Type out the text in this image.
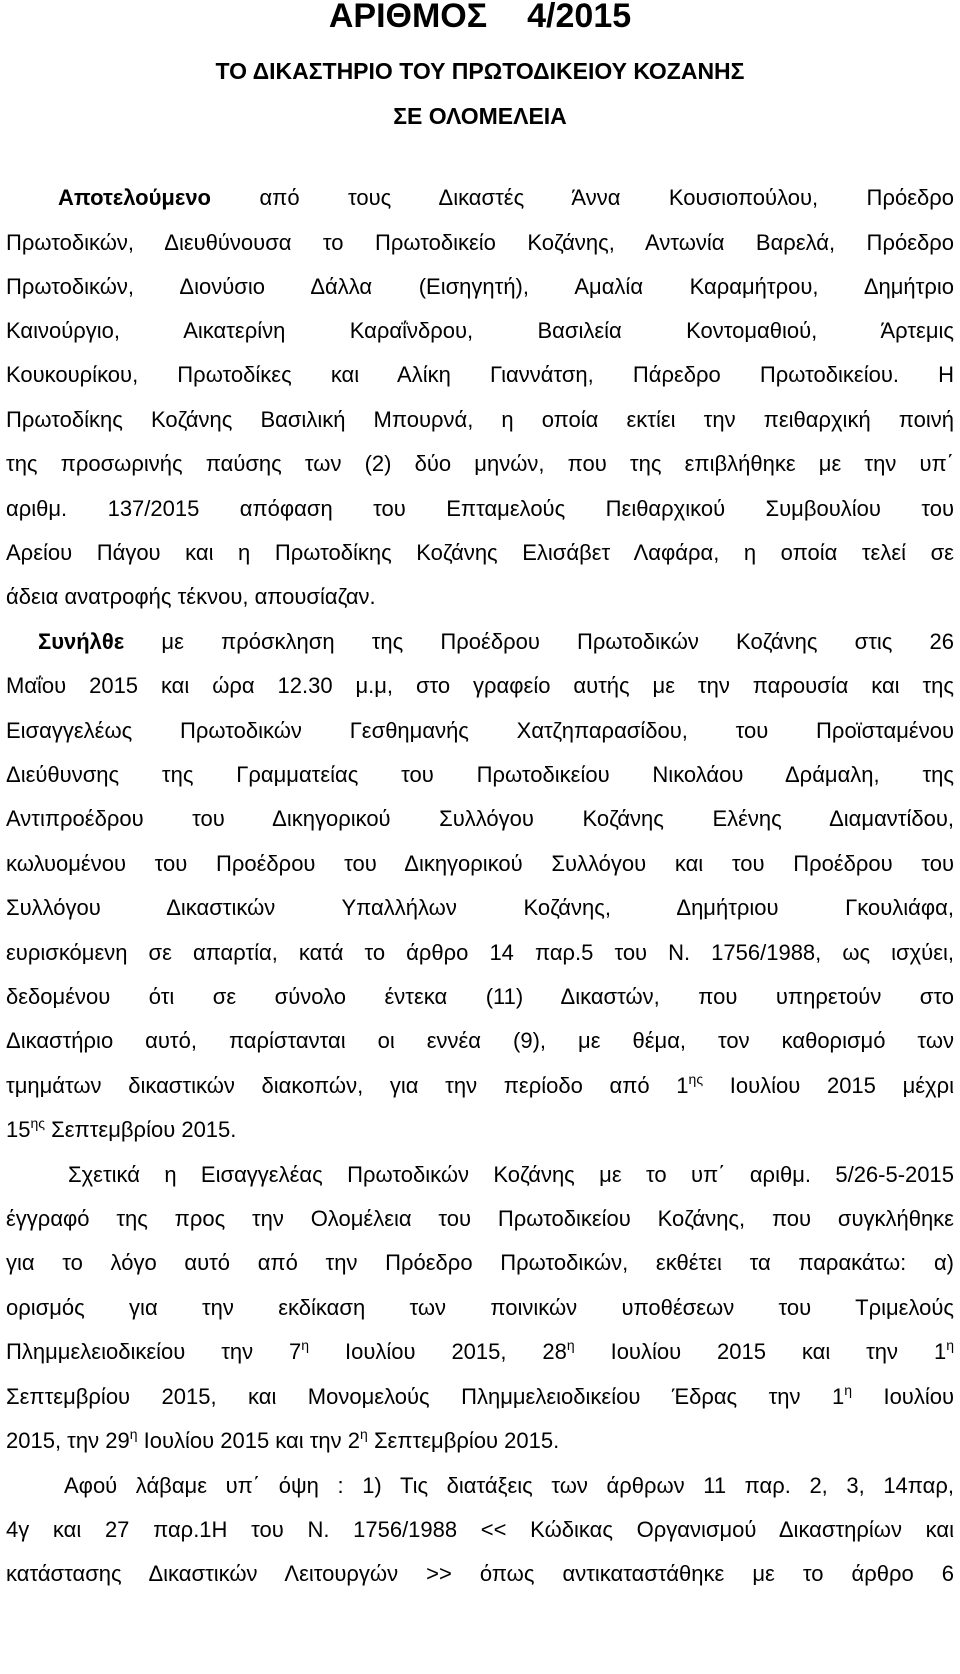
ΑΡΙΘΜΟΣ 4/2015
ΤΟ ΔΙΚΑΣΤΗΡΙΟ ΤΟΥ ΠΡΩΤΟΔΙΚΕΙΟΥ ΚΟΖΑΝΗΣ
ΣΕ ΟΛΟΜΕΛΕΙΑ
Αποτελούμενο από τους Δικαστές Άννα Κουσιοπούλου, Πρόεδρο
Πρωτοδικών, Διευθύνουσα το Πρωτοδικείο Κοζάνης, Αντωνία Βαρελά, Πρόεδρο
Πρωτοδικών, Διονύσιο Δάλλα (Εισηγητή), Αμαλία Καραμήτρου, Δημήτριο
Καινούργιο, Αικατερίνη Καραΐνδρου, Βασιλεία Κοντομαθιού, Άρτεμις
Κουκουρίκου, Πρωτοδίκες και Αλίκη Γιαννάτση, Πάρεδρο Πρωτοδικείου. Η
Πρωτοδίκης Κοζάνης Βασιλική Μπουρνά, η οποία εκτίει την πειθαρχική ποινή
της προσωρινής παύσης των (2) δύο μηνών, που της επιβλήθηκε με την υπ΄
αριθμ. 137/2015 απόφαση του Επταμελούς Πειθαρχικού Συμβουλίου του
Αρείου Πάγου και η Πρωτοδίκης Κοζάνης Ελισάβετ Λαφάρα, η οποία τελεί σε
άδεια ανατροφής τέκνου, απουσίαζαν.
Συνήλθε με πρόσκληση της Προέδρου Πρωτοδικών Κοζάνης στις 26
Μαΐου 2015 και ώρα 12.30 μ.μ, στο γραφείο αυτής με την παρουσία και της
Εισαγγελέως Πρωτοδικών Γεσθημανής Χατζηπαρασίδου, του Προϊσταμένου
Διεύθυνσης της Γραμματείας του Πρωτοδικείου Νικολάου Δράμαλη, της
Αντιπροέδρου του Δικηγορικού Συλλόγου Κοζάνης Ελένης Διαμαντίδου,
κωλυομένου του Προέδρου του Δικηγορικού Συλλόγου και του Προέδρου του
Συλλόγου Δικαστικών Υπαλλήλων Κοζάνης, Δημήτριου Γκουλιάφα,
ευρισκόμενη σε απαρτία, κατά το άρθρο 14 παρ.5 του Ν. 1756/1988, ως ισχύει,
δεδομένου ότι σε σύνολο έντεκα (11) Δικαστών, που υπηρετούν στο
Δικαστήριο αυτό, παρίστανται οι εννέα (9), με θέμα, τον καθορισμό των
τμημάτων δικαστικών διακοπών, για την περίοδο από $1^{\eta\varsigma}$ Ιουλίου 2015 μέχρι
$15^{\eta\varsigma}$ Σεπτεμβρίου 2015.
Σχετικά η Εισαγγελέας Πρωτοδικών Κοζάνης με το υπ΄ αριθμ. 5/26-5-2015
έγγραφό της προς την Ολομέλεια του Πρωτοδικείου Κοζάνης, που συγκλήθηκε
για το λόγο αυτό από την Πρόεδρο Πρωτοδικών, εκθέτει τα παρακάτω: α)
ορισμός για την εκδίκαση των ποινικών υποθέσεων του Τριμελούς
Πλημμελειοδικείου την $7^\eta$ Ιουλίου 2015, $28^\eta$ Ιουλίου 2015 και την $1^\eta$
Σεπτεμβρίου 2015, και Μονομελούς Πλημμελειοδικείου Έδρας την $1^\eta$ Ιουλίου
2015, την $29^\eta$ Ιουλίου 2015 και την $2^\eta$ Σεπτεμβρίου 2015.
Αφού λάβαμε υπ΄ όψη : 1) Τις διατάξεις των άρθρων 11 παρ. 2, 3, 14παρ,
4γ και 27 παρ.1Η του Ν. 1756/1988 << Κώδικας Οργανισμού Δικαστηρίων και
κατάστασης Δικαστικών Λειτουργών >> όπως αντικαταστάθηκε με το άρθρο 6
